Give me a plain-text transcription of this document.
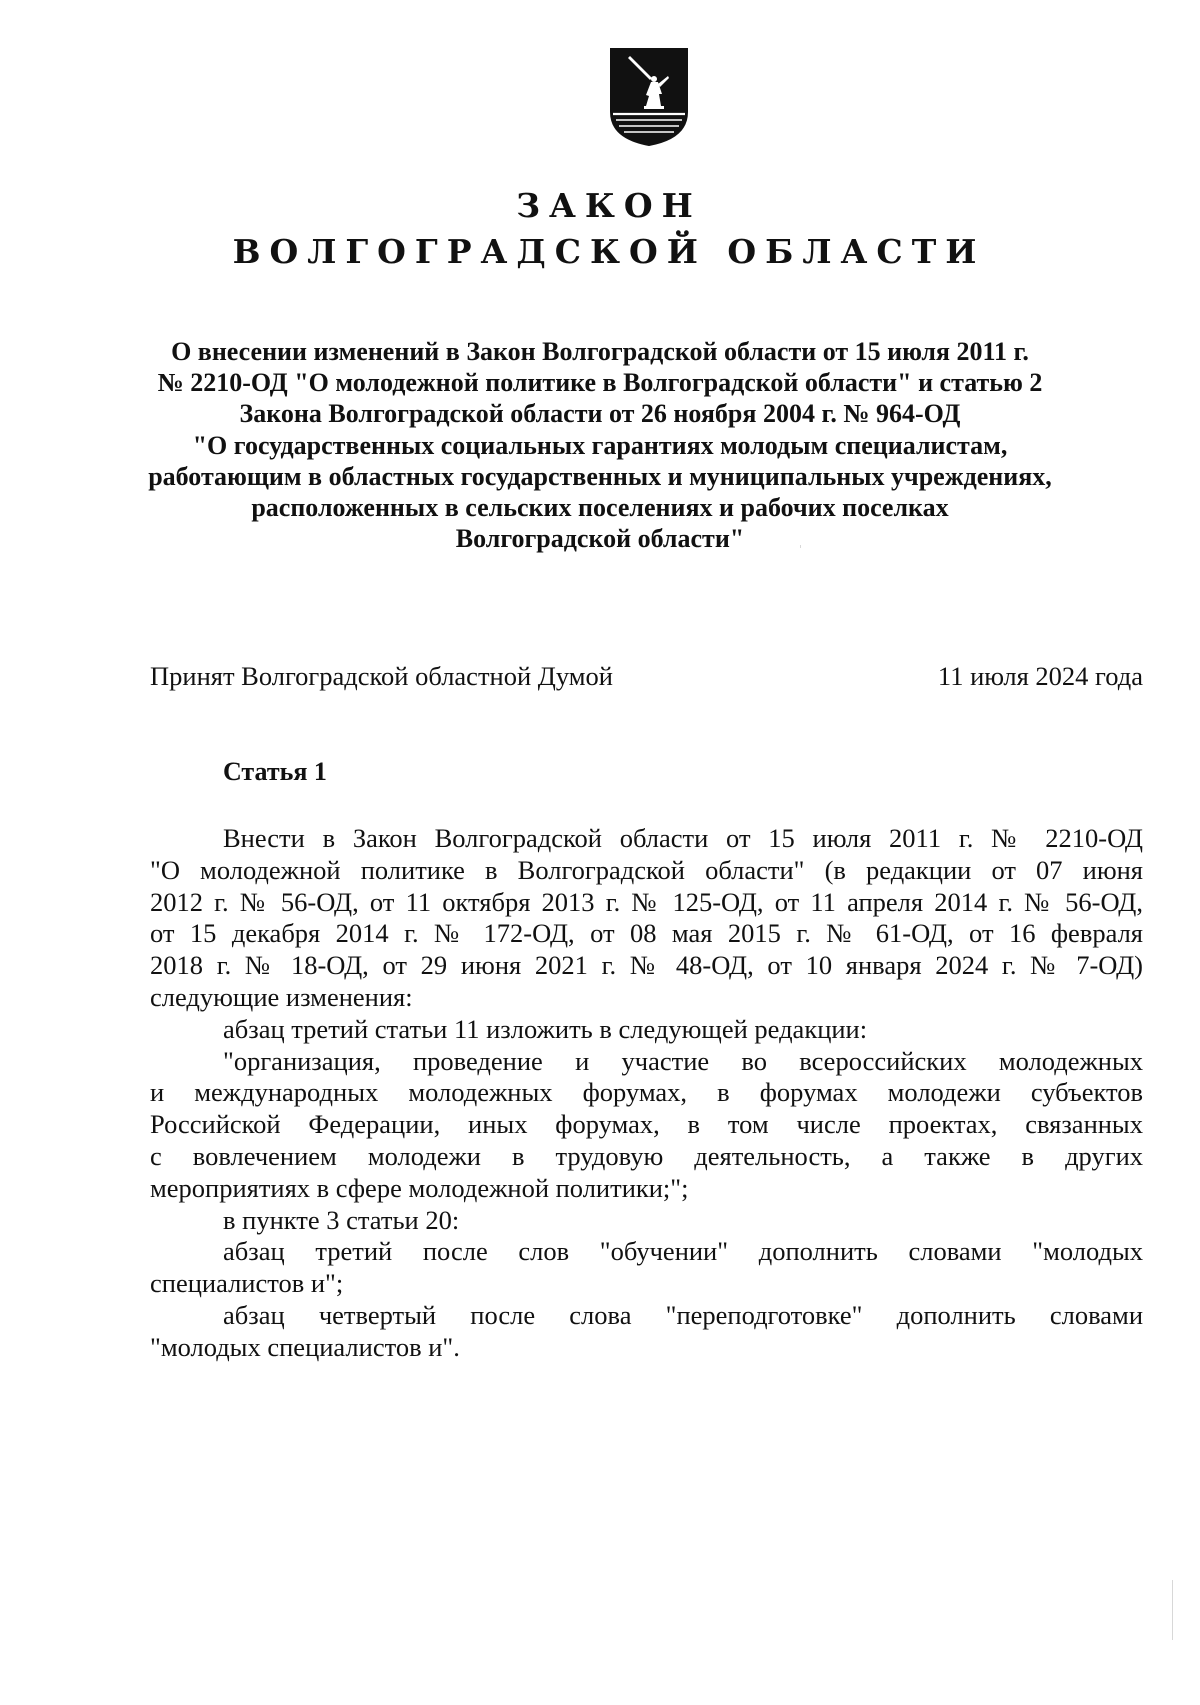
ЗАКОН
ВОЛГОГРАДСКОЙ ОБЛАСТИ
О внесении изменений в Закон Волгоградской области от 15 июля 2011 г.
№ 2210-ОД "О молодежной политике в Волгоградской области" и статью 2
Закона Волгоградской области от 26 ноября 2004 г. № 964-ОД
"О государственных социальных гарантиях молодым специалистам,
работающим в областных государственных и муниципальных учреждениях,
расположенных в сельских поселениях и рабочих поселках
Волгоградской области"
Принят Волгоградской областной Думой	11 июля 2024 года
Статья 1
Внести в Закон Волгоградской области от 15 июля 2011 г. № 2210-ОД
"О молодежной политике в Волгоградской области" (в редакции от 07 июня
2012 г. № 56-ОД, от 11 октября 2013 г. № 125-ОД, от 11 апреля 2014 г. № 56-ОД,
от 15 декабря 2014 г. № 172-ОД, от 08 мая 2015 г. № 61-ОД, от 16 февраля
2018 г. № 18-ОД, от 29 июня 2021 г. № 48-ОД, от 10 января 2024 г. № 7-ОД)
следующие изменения:
абзац третий статьи 11 изложить в следующей редакции:
"организация, проведение и участие во всероссийских молодежных
и международных молодежных форумах, в форумах молодежи субъектов
Российской Федерации, иных форумах, в том числе проектах, связанных
с вовлечением молодежи в трудовую деятельность, а также в других
мероприятиях в сфере молодежной политики;";
в пункте 3 статьи 20:
абзац третий после слов "обучении" дополнить словами "молодых
специалистов и";
абзац четвертый после слова "переподготовке" дополнить словами
"молодых специалистов и".
